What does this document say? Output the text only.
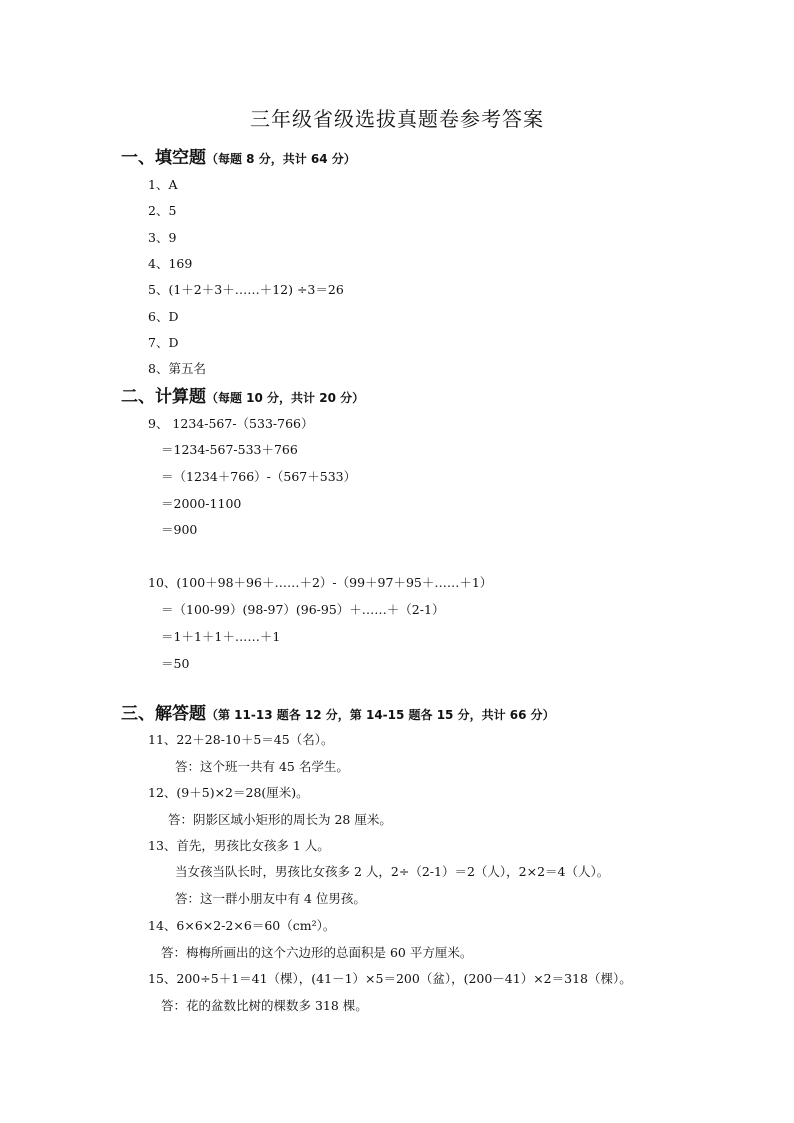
三年级省级选拔真题卷参考答案
一、填空题（每题 8 分，共计 64 分）
1、A
2、5
3、9
4、169
5、(1＋2＋3＋……＋12) ÷3＝26
6、D
7、D
8、第五名
二、计算题（每题 10 分，共计 20 分）
9、 1234-567-（533-766）
＝1234-567-533＋766
＝（1234＋766）-（567＋533）
＝2000-1100
＝900
10、(100＋98＋96＋……＋2）-（99＋97＋95＋……＋1）
＝（100-99）(98-97）(96-95）＋……＋（2-1）
＝1＋1＋1＋……＋1
＝50
三、解答题（第 11-13 题各 12 分，第 14-15 题各 15 分，共计 66 分）
11、22＋28-10＋5＝45（名）。
答：这个班一共有 45 名学生。
12、(9＋5)×2＝28(厘米)。
答：阴影区域小矩形的周长为 28 厘米。
13、首先，男孩比女孩多 1 人。
当女孩当队长时，男孩比女孩多 2 人，2÷（2-1）＝2（人），2×2＝4（人）。
答：这一群小朋友中有 4 位男孩。
14、6×6×2-2×6＝60（cm²）。
答：梅梅所画出的这个六边形的总面积是 60 平方厘米。
15、200÷5＋1＝41（棵），(41－1）×5＝200（盆），(200－41）×2＝318（棵）。
答：花的盆数比树的棵数多 318 棵。
